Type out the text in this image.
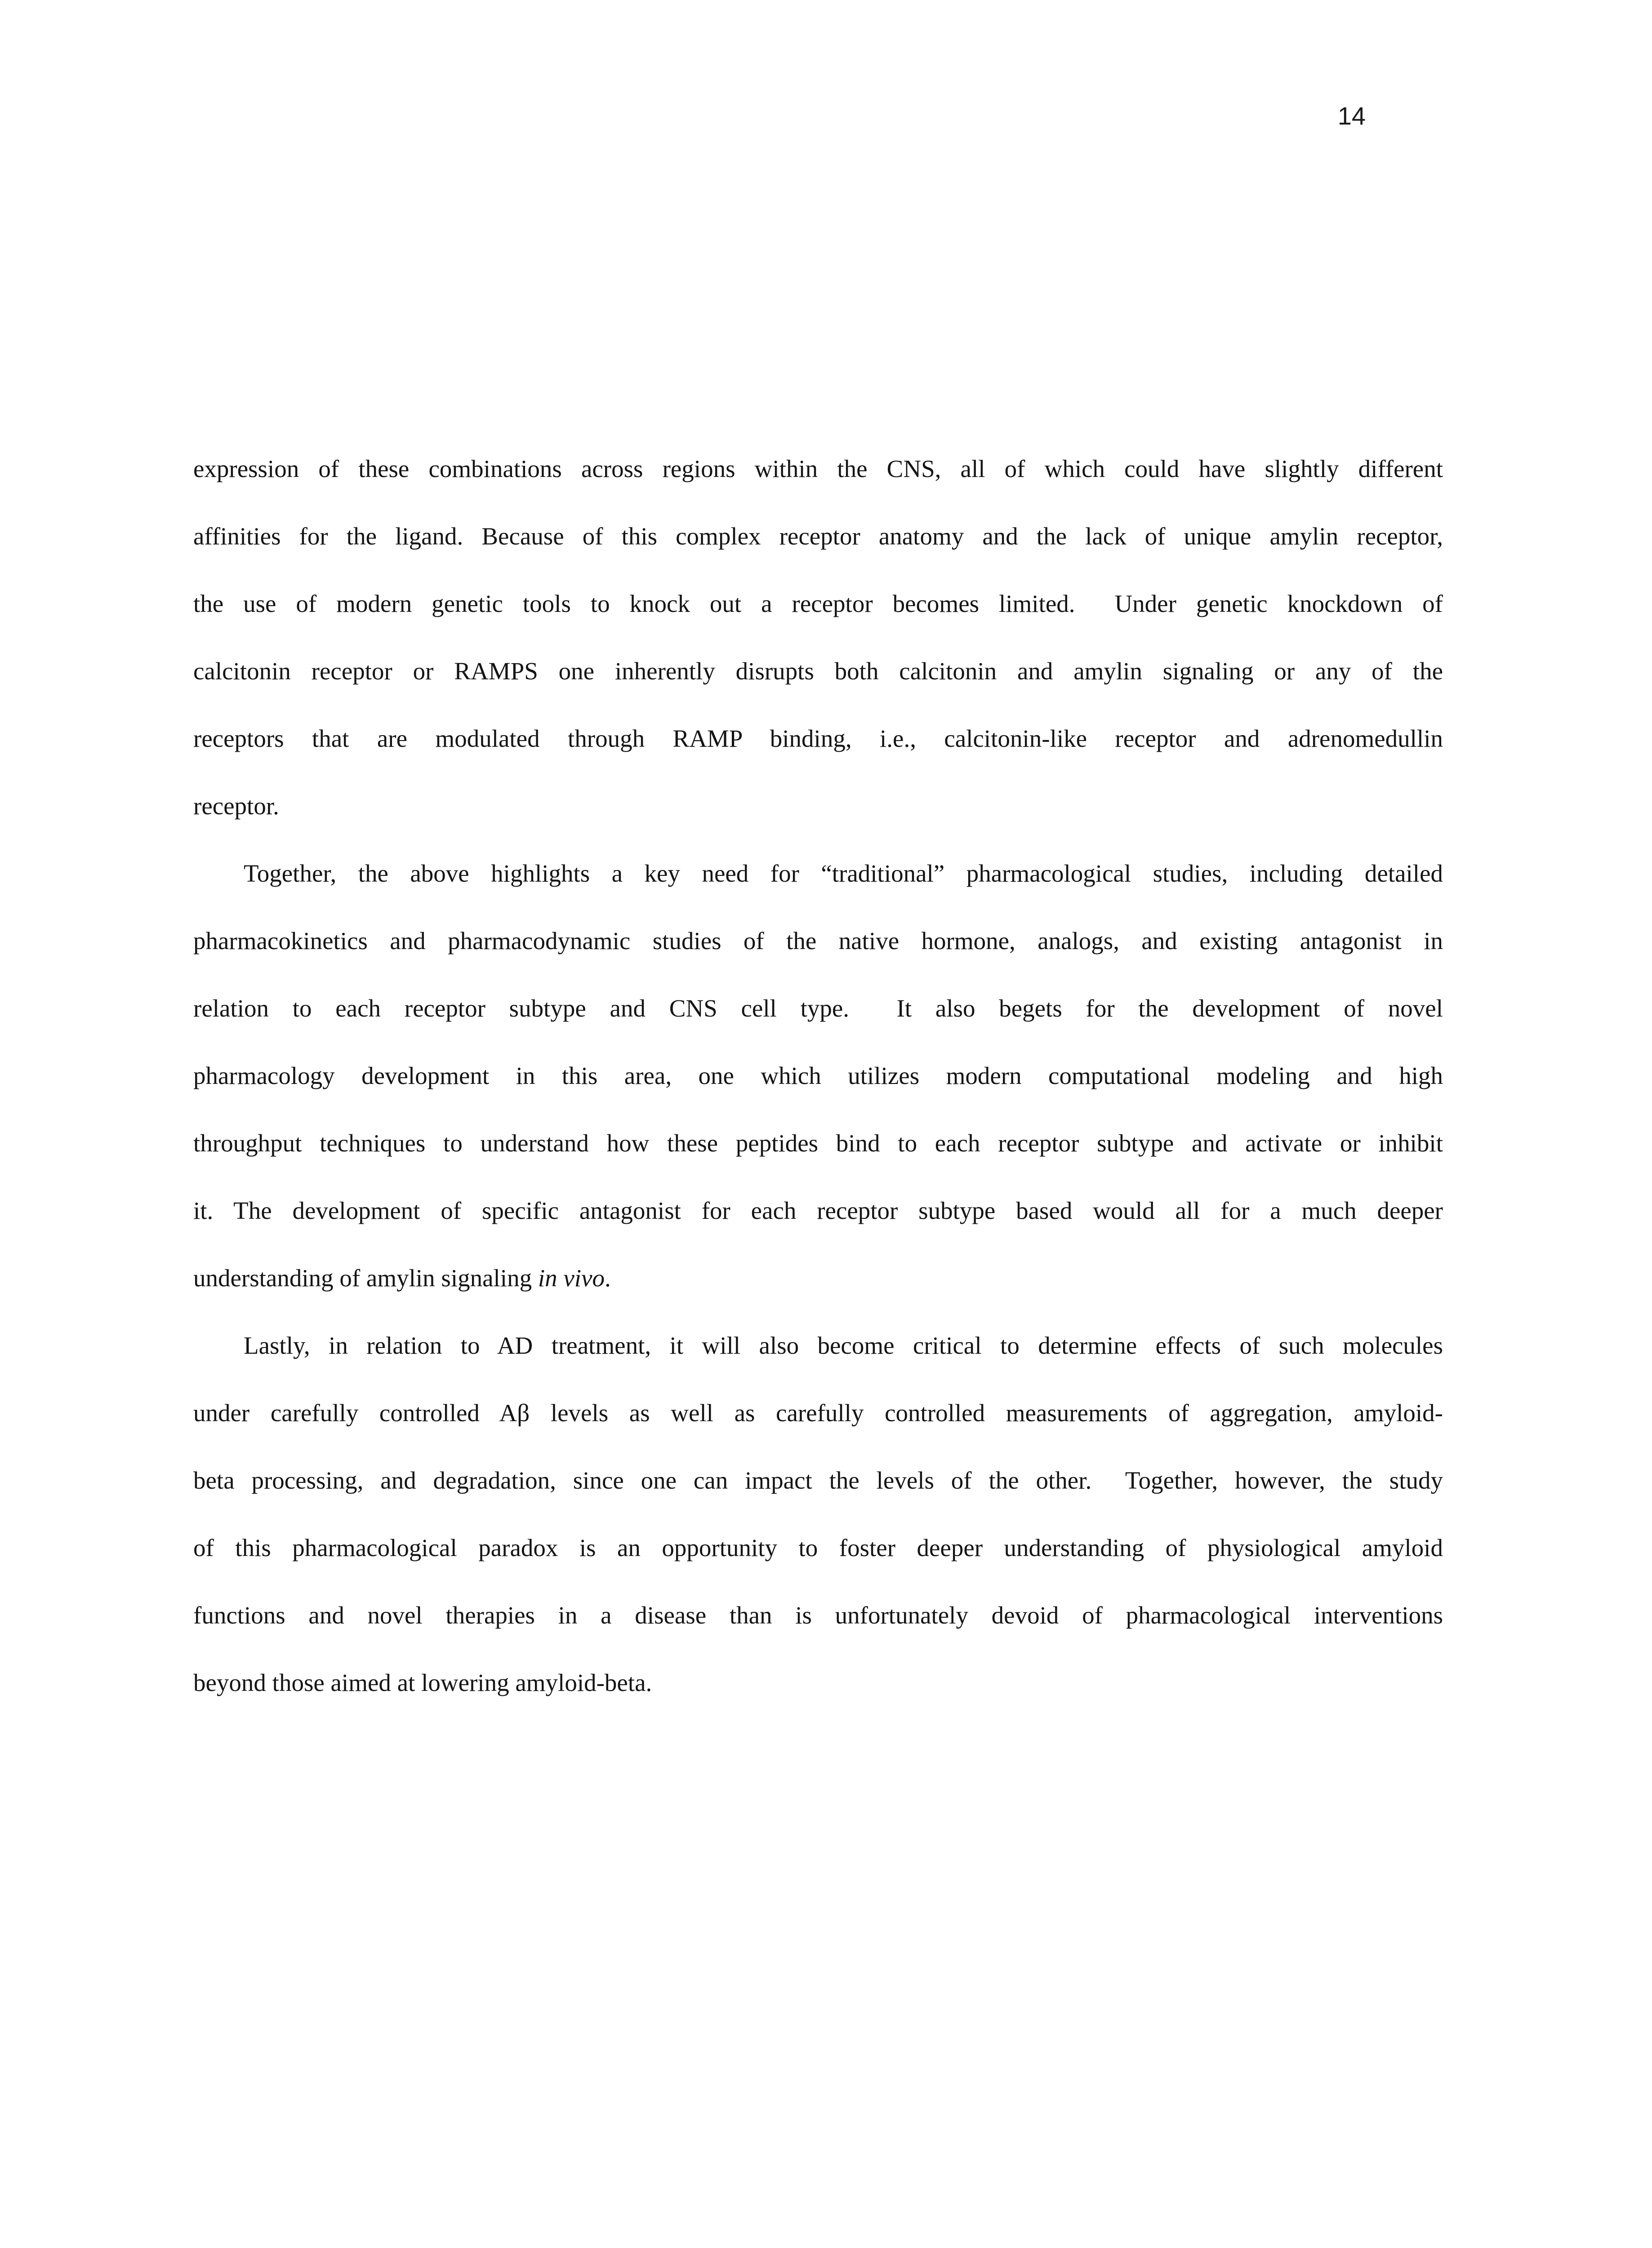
14
expression of these combinations across regions within the CNS, all of which could have slightly different
affinities for the ligand. Because of this complex receptor anatomy and the lack of unique amylin receptor,
the use of modern genetic tools to knock out a receptor becomes limited.  Under genetic knockdown of
calcitonin receptor or RAMPS one inherently disrupts both calcitonin and amylin signaling or any of the
receptors that are modulated through RAMP binding, i.e., calcitonin-like receptor and adrenomedullin
receptor.
Together, the above highlights a key need for “traditional” pharmacological studies, including detailed
pharmacokinetics and pharmacodynamic studies of the native hormone, analogs, and existing antagonist in
relation to each receptor subtype and CNS cell type.  It also begets for the development of novel
pharmacology development in this area, one which utilizes modern computational modeling and high
throughput techniques to understand how these peptides bind to each receptor subtype and activate or inhibit
it. The development of specific antagonist for each receptor subtype based would all for a much deeper
understanding of amylin signaling in vivo.
Lastly, in relation to AD treatment, it will also become critical to determine effects of such molecules
under carefully controlled Aβ levels as well as carefully controlled measurements of aggregation, amyloid-
beta processing, and degradation, since one can impact the levels of the other.  Together, however, the study
of this pharmacological paradox is an opportunity to foster deeper understanding of physiological amyloid
functions and novel therapies in a disease than is unfortunately devoid of pharmacological interventions
beyond those aimed at lowering amyloid-beta.
